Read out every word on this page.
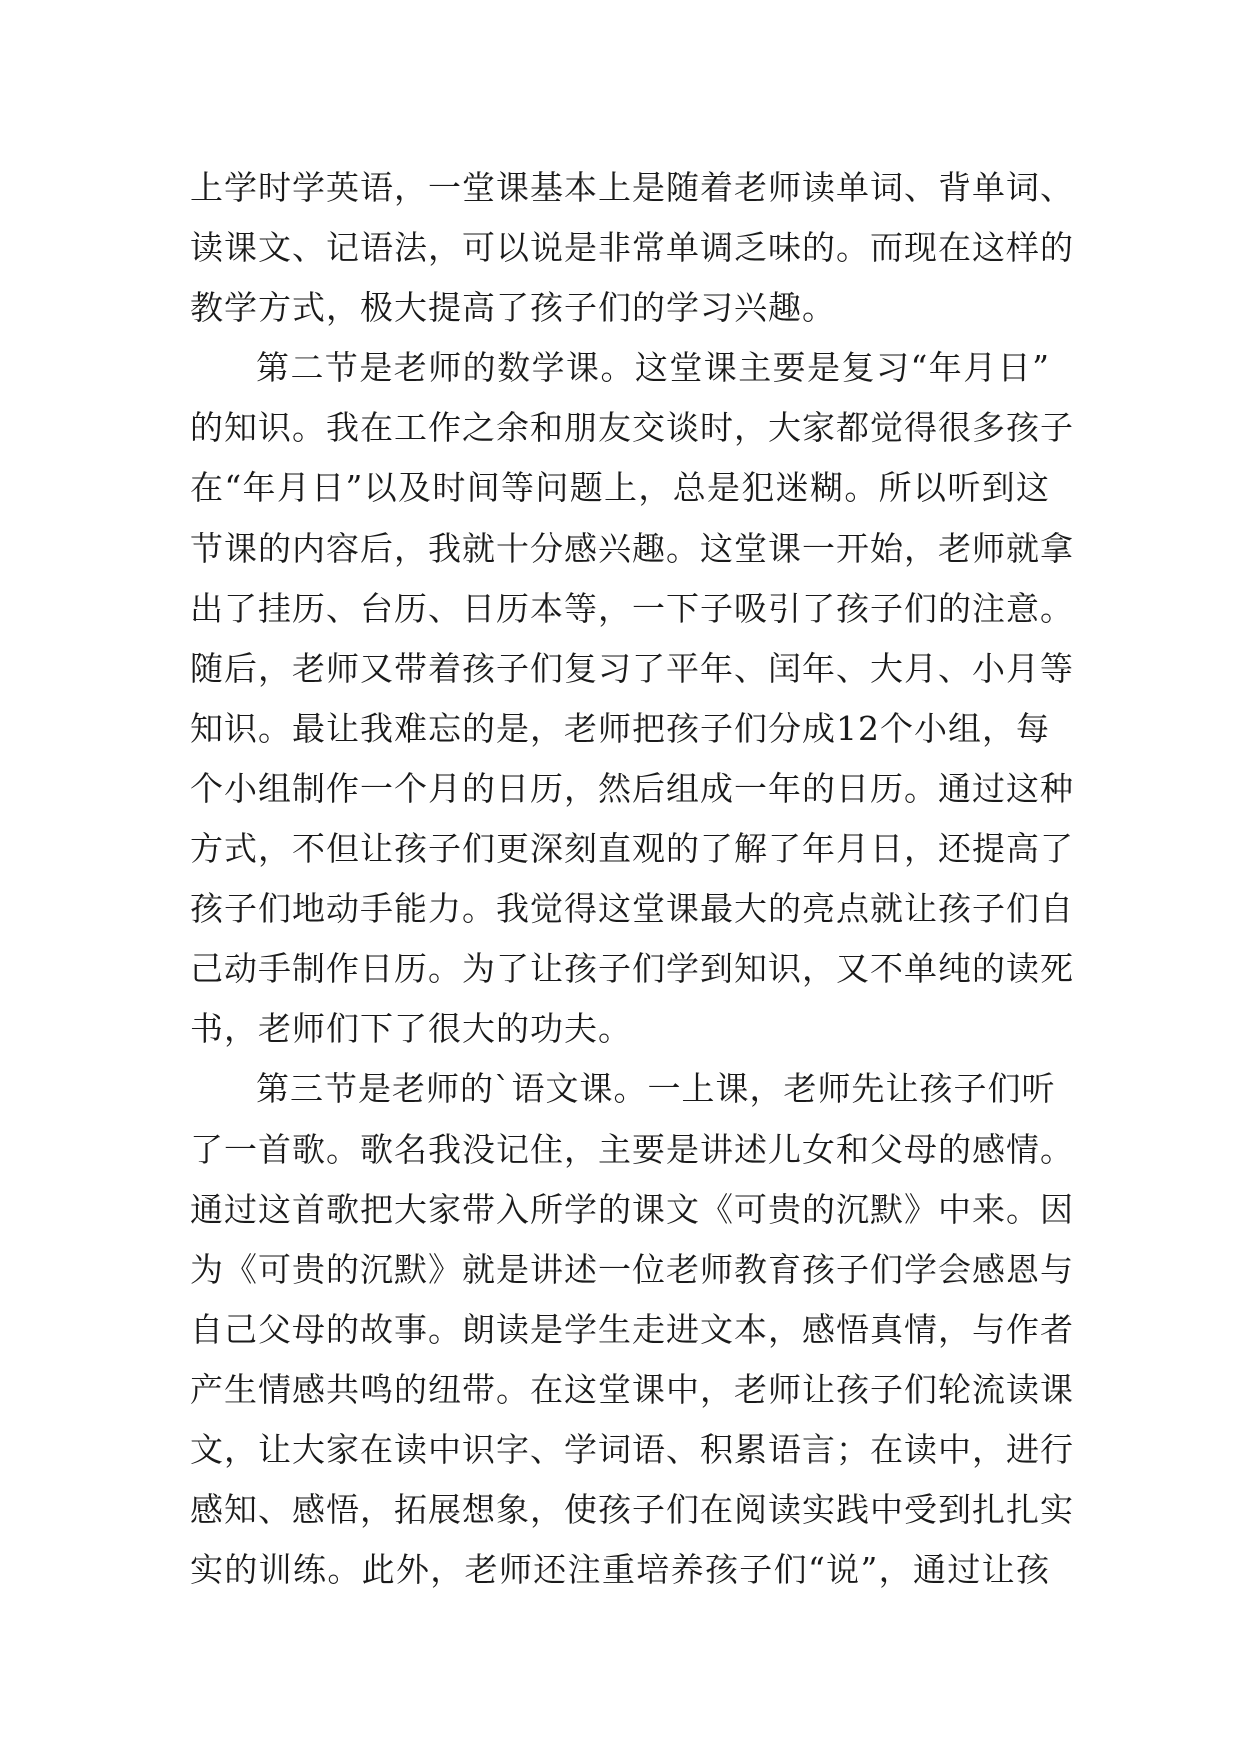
上学时学英语，一堂课基本上是随着老师读单词、背单词、
读课文、记语法，可以说是非常单调乏味的。而现在这样的
教学方式，极大提高了孩子们的学习兴趣。
第二节是老师的数学课。这堂课主要是复习“年月日”
的知识。我在工作之余和朋友交谈时，大家都觉得很多孩子
在“年月日”以及时间等问题上，总是犯迷糊。所以听到这
节课的内容后，我就十分感兴趣。这堂课一开始，老师就拿
出了挂历、台历、日历本等，一下子吸引了孩子们的注意。
随后，老师又带着孩子们复习了平年、闰年、大月、小月等
知识。最让我难忘的是，老师把孩子们分成12个小组，每
个小组制作一个月的日历，然后组成一年的日历。通过这种
方式，不但让孩子们更深刻直观的了解了年月日，还提高了
孩子们地动手能力。我觉得这堂课最大的亮点就让孩子们自
己动手制作日历。为了让孩子们学到知识，又不单纯的读死
书，老师们下了很大的功夫。
第三节是老师的`语文课。一上课，老师先让孩子们听
了一首歌。歌名我没记住，主要是讲述儿女和父母的感情。
通过这首歌把大家带入所学的课文《可贵的沉默》中来。因
为《可贵的沉默》就是讲述一位老师教育孩子们学会感恩与
自己父母的故事。朗读是学生走进文本，感悟真情，与作者
产生情感共鸣的纽带。在这堂课中，老师让孩子们轮流读课
文，让大家在读中识字、学词语、积累语言；在读中，进行
感知、感悟，拓展想象，使孩子们在阅读实践中受到扎扎实
实的训练。此外，老师还注重培养孩子们“说”，通过让孩
